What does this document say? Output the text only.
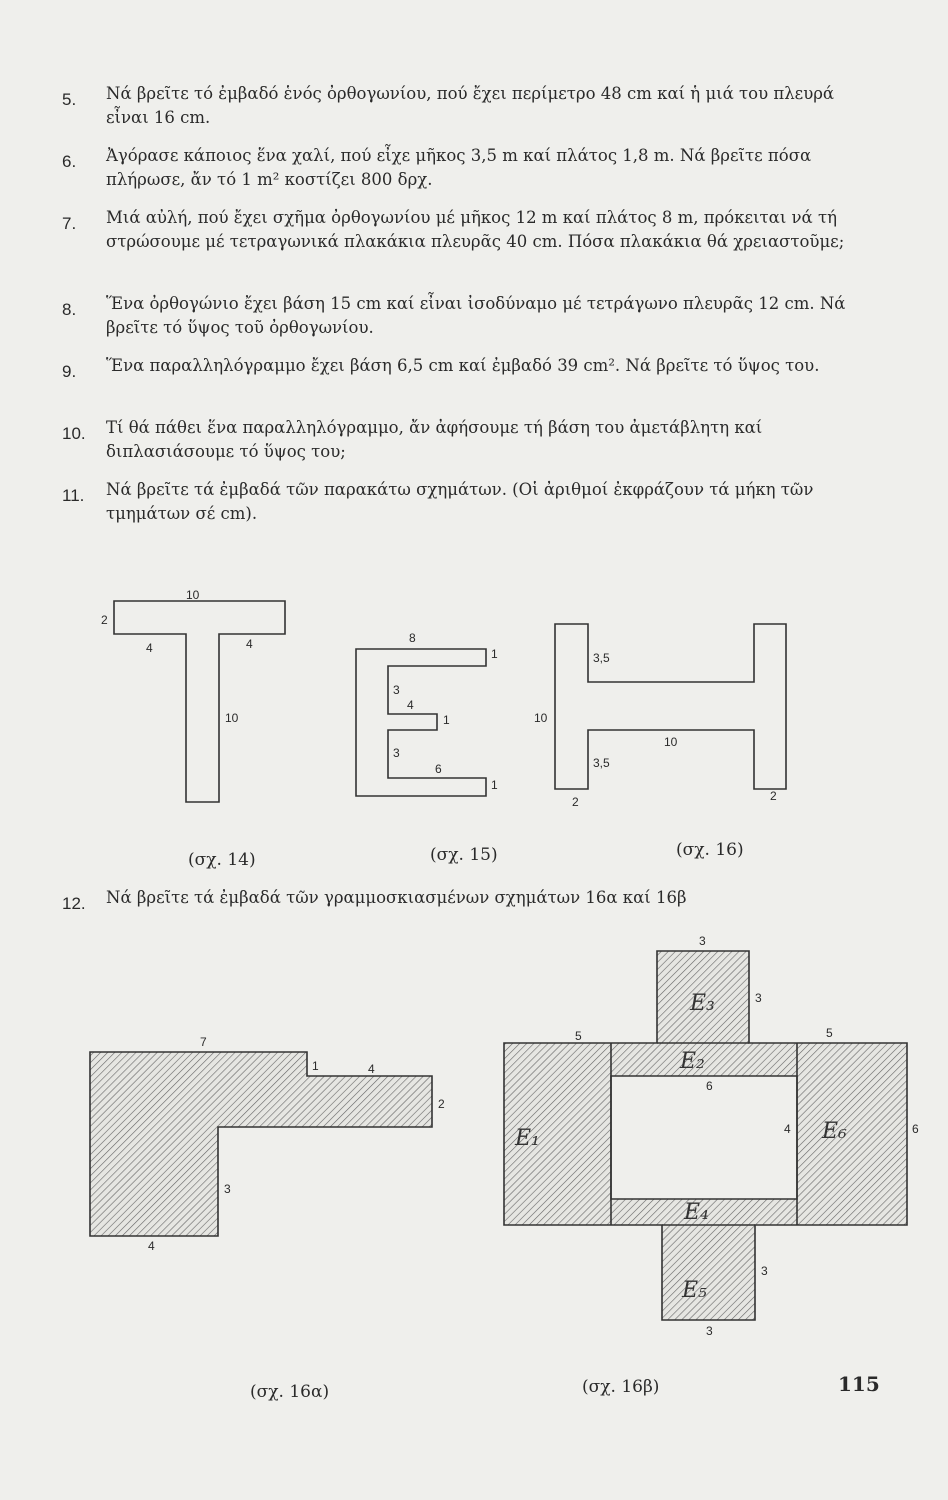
5. Νά βρεῖτε τό ἐμβαδό ἑνός ὀρθογωνίου, πού ἔχει περίμετρο 48 cm καί ἡ μιά του πλευρά εἶναι 16 cm.
6. Ἀγόρασε κάποιος ἕνα χαλί, πού εἶχε μῆκος 3,5 m καί πλάτος 1,8 m. Νά βρεῖτε πόσα πλήρωσε, ἄν τό 1 m² κοστίζει 800 δρχ.
7. Μιά αὐλή, πού ἔχει σχῆμα ὀρθογωνίου μέ μῆκος 12 m καί πλάτος 8 m, πρόκειται νά τή στρώσουμε μέ τετραγωνικά πλακάκια πλευρᾶς 40 cm. Πόσα πλακάκια θά χρειαστοῦμε;
8. Ἕνα ὀρθογώνιο ἔχει βάση 15 cm καί εἶναι ἰσοδύναμο μέ τετράγωνο πλευρᾶς 12 cm. Νά βρεῖτε τό ὕψος τοῦ ὀρθογωνίου.
9. Ἕνα παραλληλόγραμμο ἔχει βάση 6,5 cm καί ἐμβαδό 39 cm². Νά βρεῖτε τό ὕψος του.
10. Τί θά πάθει ἕνα παραλληλόγραμμο, ἄν ἀφήσουμε τή βάση του ἀμετάβλητη καί διπλασιάσουμε τό ὕψος του;
11. Νά βρεῖτε τά ἐμβαδά τῶν παρακάτω σχημάτων. (Οἱ ἀριθμοί ἐκφράζουν τά μήκη τῶν τμημάτων σέ cm).
12. Νά βρεῖτε τά ἐμβαδά τῶν γραμμοσκιασμένων σχημάτων 16α καί 16β
10
2
4	4
10
8
1
3
4
1
3
6
1
3,5
10
10
3,5
2	2
7
1	4
2
3
4
3
3
5	5
6
4	6
3
3
E₃
E₂
E₁	E₆
E₄
E₅
(σχ. 14)	(σχ. 15)	(σχ. 16)
(σχ. 16α)	(σχ. 16β)	115
